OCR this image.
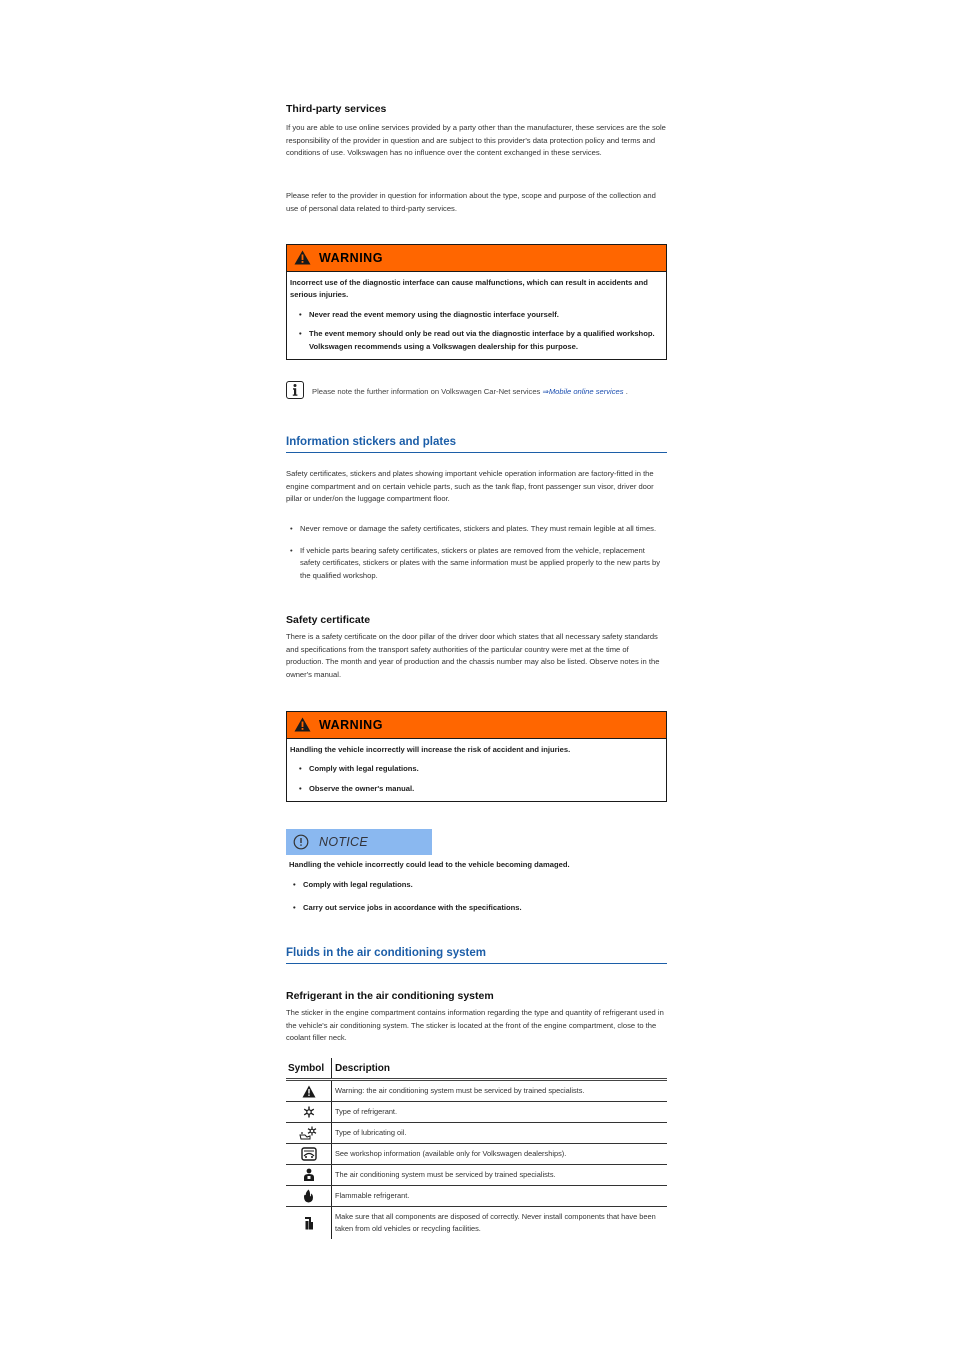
Third-party services
If you are able to use online services provided by a party other than the manufacturer, these services are the sole responsibility of the provider in question and are subject to this provider's data protection policy and terms and conditions of use. Volkswagen has no influence over the content exchanged in these services.
Please refer to the provider in question for information about the type, scope and purpose of the collection and use of personal data related to third-party services.
WARNING
Incorrect use of the diagnostic interface can cause malfunctions, which can result in accidents and serious injuries.
• Never read the event memory using the diagnostic interface yourself.
• The event memory should only be read out via the diagnostic interface by a qualified workshop. Volkswagen recommends using a Volkswagen dealership for this purpose.
Please note the further information on Volkswagen Car-Net services ⇒Mobile online services .
Information stickers and plates
Safety certificates, stickers and plates showing important vehicle operation information are factory-fitted in the engine compartment and on certain vehicle parts, such as the tank flap, front passenger sun visor, driver door pillar or under/on the luggage compartment floor.
• Never remove or damage the safety certificates, stickers and plates. They must remain legible at all times.
• If vehicle parts bearing safety certificates, stickers or plates are removed from the vehicle, replacement safety certificates, stickers or plates with the same information must be applied properly to the new parts by the qualified workshop.
Safety certificate
There is a safety certificate on the door pillar of the driver door which states that all necessary safety standards and specifications from the transport safety authorities of the particular country were met at the time of production. The month and year of production and the chassis number may also be listed. Observe notes in the owner's manual.
WARNING
Handling the vehicle incorrectly will increase the risk of accident and injuries.
• Comply with legal regulations.
• Observe the owner's manual.
NOTICE
Handling the vehicle incorrectly could lead to the vehicle becoming damaged.
• Comply with legal regulations.
• Carry out service jobs in accordance with the specifications.
Fluids in the air conditioning system
Refrigerant in the air conditioning system
The sticker in the engine compartment contains information regarding the type and quantity of refrigerant used in the vehicle's air conditioning system. The sticker is located at the front of the engine compartment, close to the coolant filler neck.
Symbol	Description
	Warning: the air conditioning system must be serviced by trained specialists.
	Type of refrigerant.
	Type of lubricating oil.
	See workshop information (available only for Volkswagen dealerships).
	The air conditioning system must be serviced by trained specialists.
	Flammable refrigerant.
	Make sure that all components are disposed of correctly. Never install components that have been taken from old vehicles or recycling facilities.
